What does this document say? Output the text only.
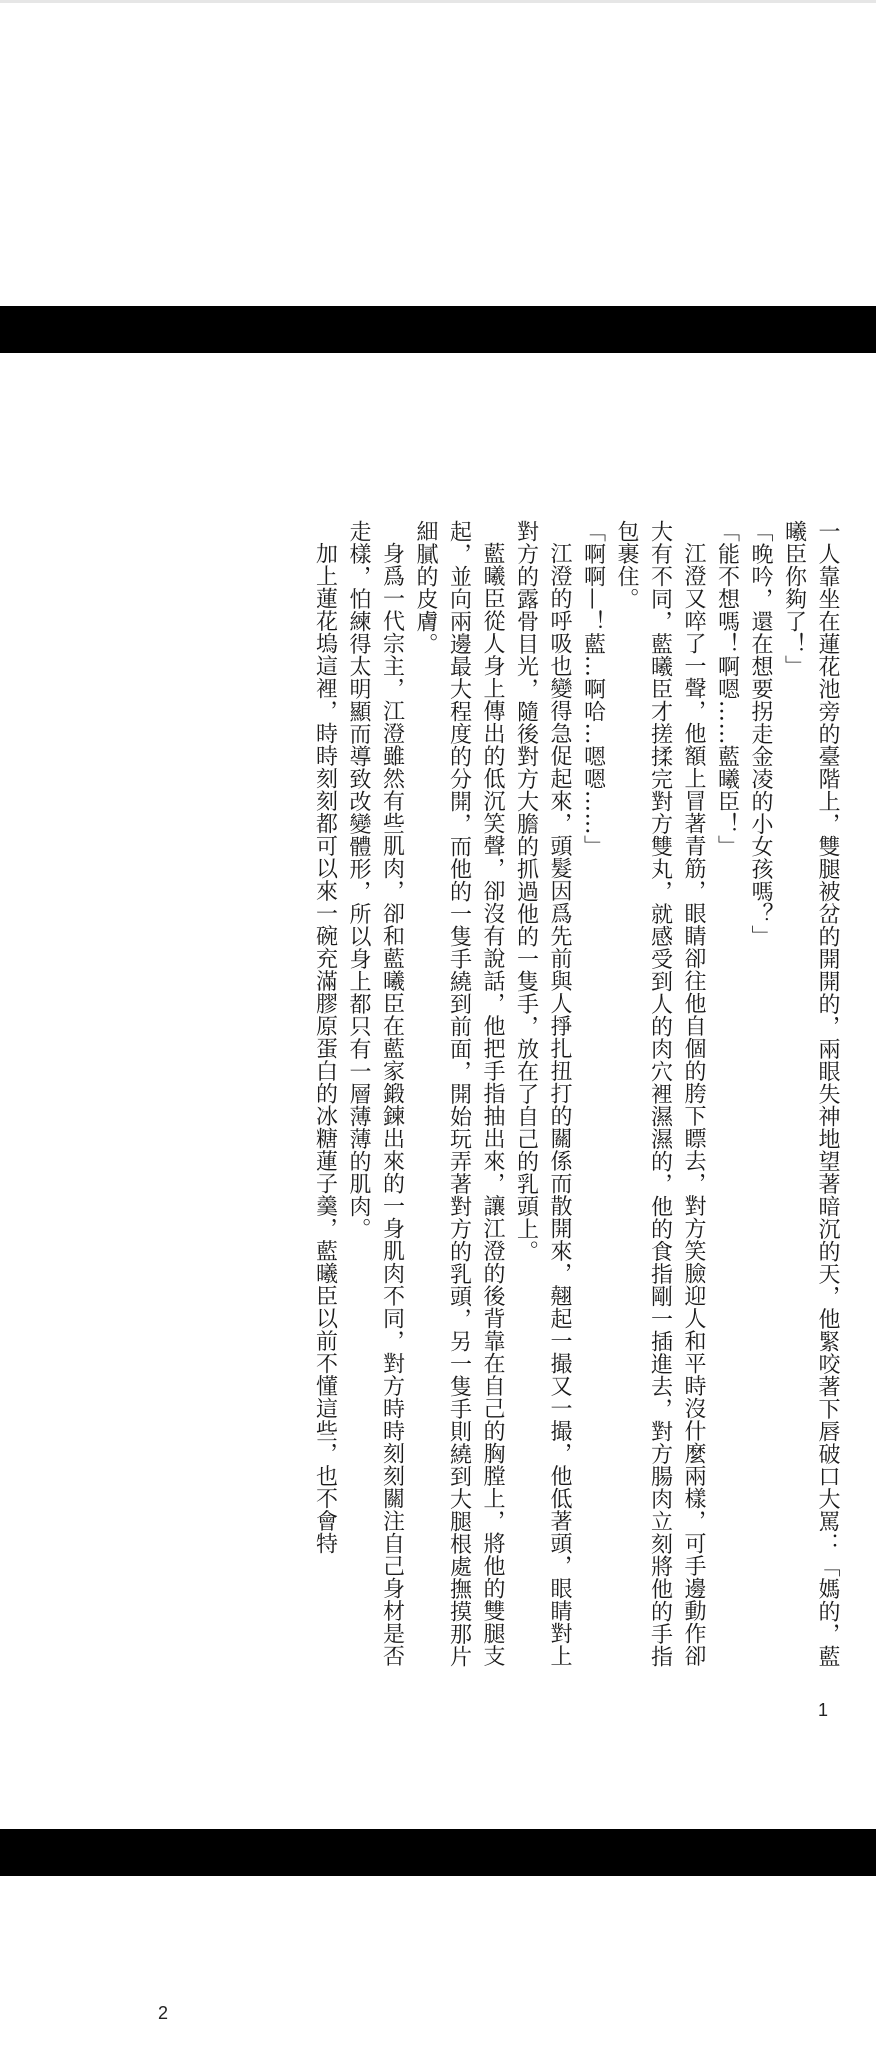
一人靠坐在蓮花池旁的臺階上，雙腿被岔的開開的，兩眼失神地望著暗沉的天，他緊咬著下唇破口大罵：「媽的，藍曦臣你夠了！」

「晚吟，還在想要拐走金凌的小女孩嗎？」

「能不想嗎！啊嗯……藍曦臣！」

江澄又啐了一聲，他額上冒著青筋，眼睛卻往他自個的胯下瞟去，對方笑臉迎人和平時沒什麼兩樣，可手邊動作卻大有不同，藍曦臣才搓揉完對方雙丸，就感受到人的肉穴裡濕濕的，他的食指剛一插進去，對方腸肉立刻將他的手指包裹住。

「啊啊—！藍…啊哈…嗯嗯……」

江澄的呼吸也變得急促起來，頭髮因爲先前與人掙扎扭打的關係而散開來，翹起一撮又一撮，他低著頭，眼睛對上對方的露骨目光，隨後對方大膽的抓過他的一隻手，放在了自己的乳頭上。

藍曦臣從人身上傳出的低沉笑聲，卻沒有說話，他把手指抽出來，讓江澄的後背靠在自己的胸膛上，將他的雙腿支起，並向兩邊最大程度的分開，而他的一隻手繞到前面，開始玩弄著對方的乳頭，另一隻手則繞到大腿根處撫摸那片細膩的皮膚。

身爲一代宗主，江澄雖然有些肌肉，卻和藍曦臣在藍家鍛鍊出來的一身肌肉不同，對方時時刻刻關注自己身材是否走樣，怕練得太明顯而導致改變體形，所以身上都只有一層薄薄的肌肉。

加上蓮花塢這裡，時時刻刻都可以來一碗充滿膠原蛋白的冰糖蓮子羹，藍曦臣以前不懂這些，也不會特

1
2
